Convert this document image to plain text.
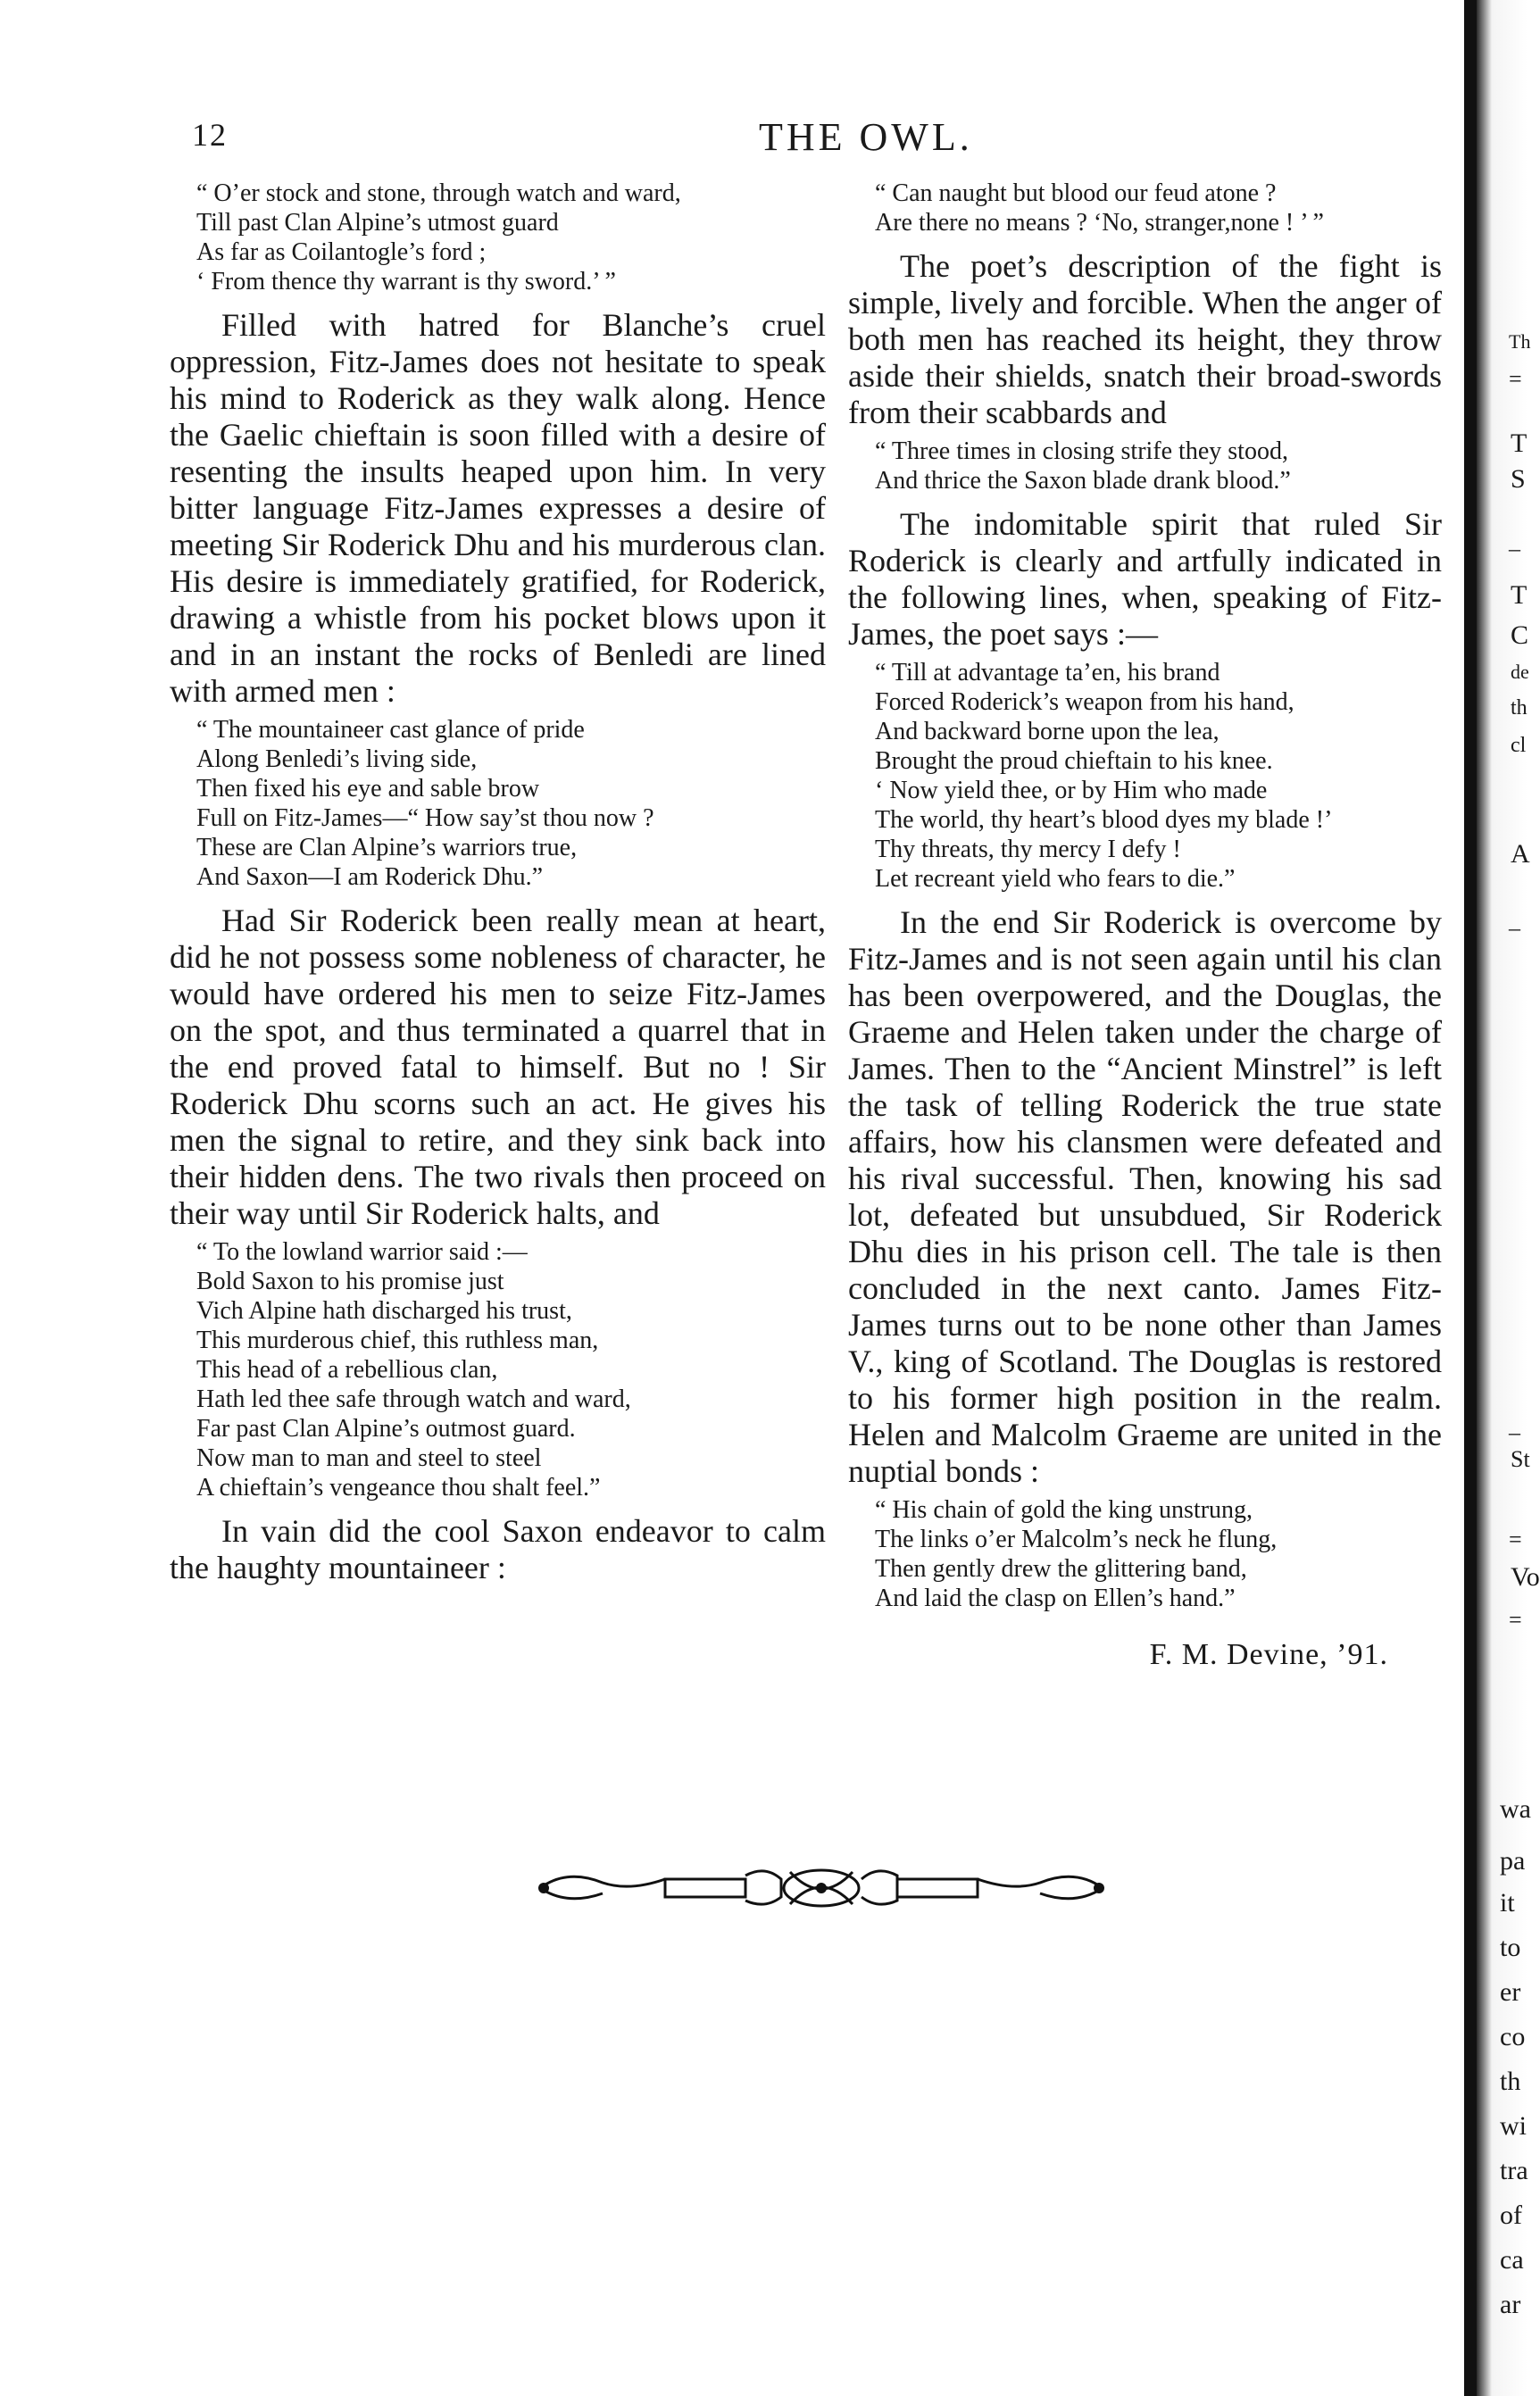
12	THE OWL.
“ O’er stock and stone, through watch and ward,
Till past Clan Alpine’s utmost guard
As far as Coilantogle’s ford ;
‘ From thence thy warrant is thy sword.’ ”

Filled with hatred for Blanche’s cruel oppression, Fitz-James does not hesitate to speak his mind to Roderick as they walk along. Hence the Gaelic chieftain is soon filled with a desire of resenting the insults heaped upon him. In very bitter language Fitz-James expresses a desire of meeting Sir Roderick Dhu and his murderous clan. His desire is immediately gratified, for Roderick, drawing a whistle from his pocket blows upon it and in an instant the rocks of Benledi are lined with armed men :

“ The mountaineer cast glance of pride
Along Benledi’s living side,
Then fixed his eye and sable brow
Full on Fitz-James—“ How say’st thou now ?
These are Clan Alpine’s warriors true,
And Saxon—I am Roderick Dhu.”

Had Sir Roderick been really mean at heart, did he not possess some nobleness of character, he would have ordered his men to seize Fitz-James on the spot, and thus terminated a quarrel that in the end proved fatal to himself. But no ! Sir Roderick Dhu scorns such an act. He gives his men the signal to retire, and they sink back into their hidden dens. The two rivals then proceed on their way until Sir Roderick halts, and

“ To the lowland warrior said :—
Bold Saxon to his promise just
Vich Alpine hath discharged his trust,
This murderous chief, this ruthless man,
This head of a rebellious clan,
Hath led thee safe through watch and ward,
Far past Clan Alpine’s outmost guard.
Now man to man and steel to steel
A chieftain’s vengeance thou shalt feel.”

In vain did the cool Saxon endeavor to calm the haughty mountaineer :

“ Can naught but blood our feud atone ?
Are there no means ? ‘No, stranger,none ! ’ ”

The poet’s description of the fight is simple, lively and forcible. When the anger of both men has reached its height, they throw aside their shields, snatch their broad-swords from their scabbards and

“ Three times in closing strife they stood,
And thrice the Saxon blade drank blood.”

The indomitable spirit that ruled Sir Roderick is clearly and artfully indicated in the following lines, when, speaking of Fitz-James, the poet says :—

“ Till at advantage ta’en, his brand
Forced Roderick’s weapon from his hand,
And backward borne upon the lea,
Brought the proud chieftain to his knee.
‘ Now yield thee, or by Him who made
The world, thy heart’s blood dyes my blade !’
Thy threats, thy mercy I defy !
Let recreant yield who fears to die.”

In the end Sir Roderick is overcome by Fitz-James and is not seen again until his clan has been overpowered, and the Douglas, the Graeme and Helen taken under the charge of James. Then to the “Ancient Minstrel” is left the task of telling Roderick the true state affairs, how his clansmen were defeated and his rival successful. Then, knowing his sad lot, defeated but unsubdued, Sir Roderick Dhu dies in his prison cell. The tale is then concluded in the next canto. James Fitz-James turns out to be none other than James V., king of Scotland. The Douglas is restored to his former high position in the realm. Helen and Malcolm Graeme are united in the nuptial bonds :

“ His chain of gold the king unstrung,
The links o’er Malcolm’s neck he flung,
Then gently drew the glittering band,
And laid the clasp on Ellen’s hand.”
F. M. Devine, ’91.
Th
=
T
S
–
T
C
de
th
cl
A
–
–
St
=
Vo
=
wa
pa
it
to
er
co
th
wi
tra
of
ca
ar
